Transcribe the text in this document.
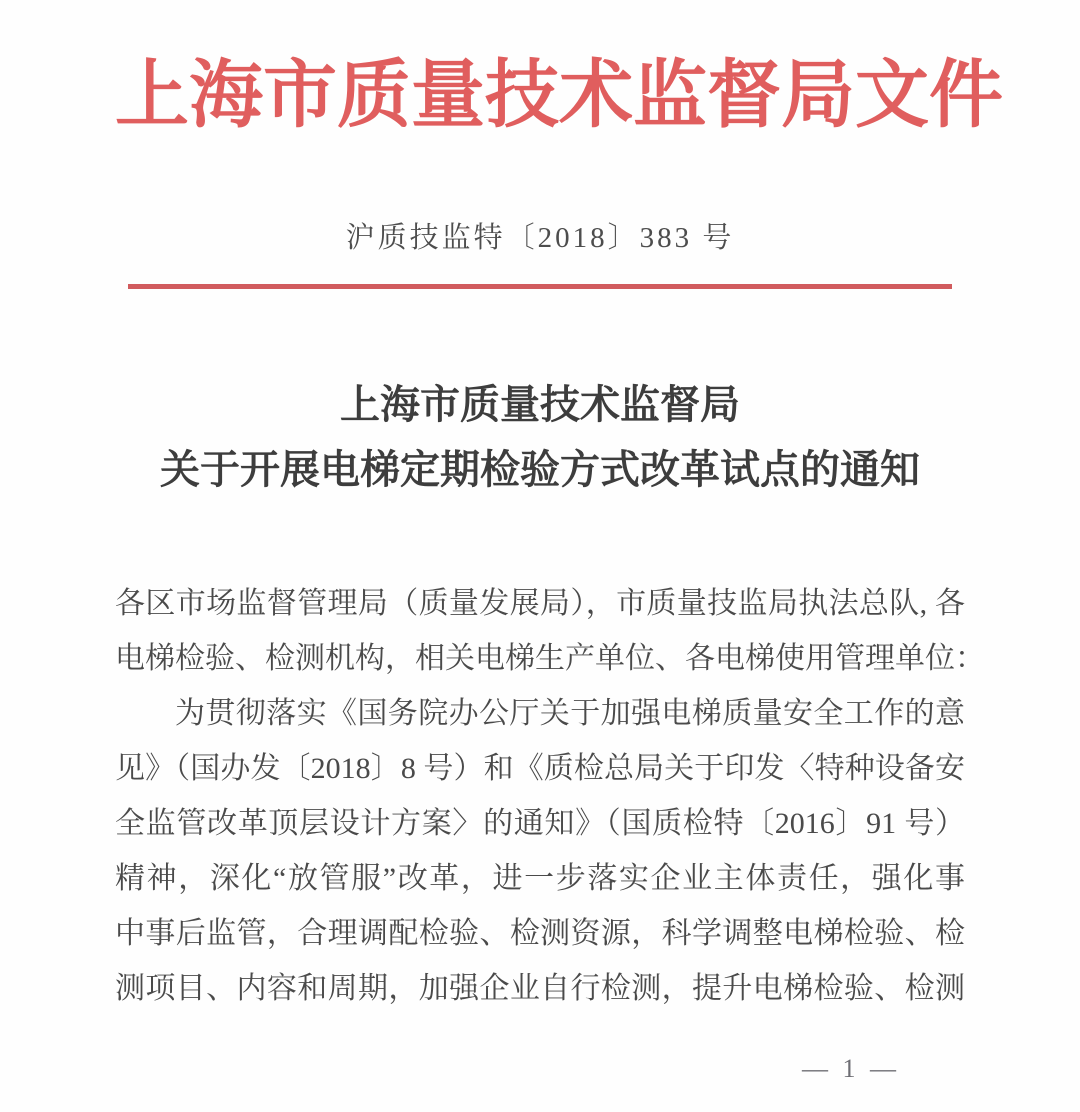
上海市质量技术监督局文件
沪质技监特〔2018〕383 号
上海市质量技术监督局
关于开展电梯定期检验方式改革试点的通知
各区市场监督管理局（质量发展局），市质量技监局执法总队, 各
电梯检验、检测机构，相关电梯生产单位、各电梯使用管理单位：
为贯彻落实《国务院办公厅关于加强电梯质量安全工作的意
见》（国办发〔2018〕8 号）和《质检总局关于印发〈特种设备安
全监管改革顶层设计方案〉的通知》（国质检特〔2016〕91 号）
精神，深化“放管服”改革，进一步落实企业主体责任，强化事
中事后监管，合理调配检验、检测资源，科学调整电梯检验、检
测项目、内容和周期，加强企业自行检测，提升电梯检验、检测
— 1 —
